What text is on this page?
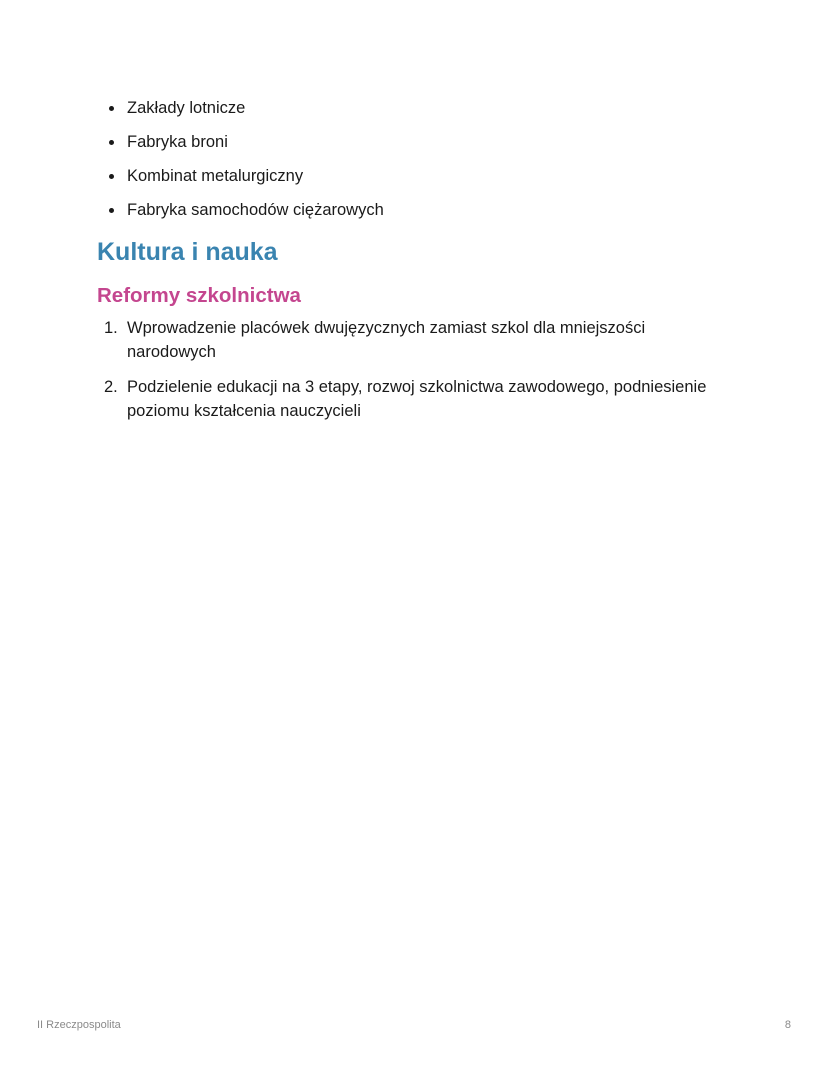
Zakłady lotnicze
Fabryka broni
Kombinat metalurgiczny
Fabryka samochodów ciężarowych
Kultura i nauka
Reformy szkolnictwa
1. Wprowadzenie placówek dwujęzycznych zamiast szkol dla mniejszości narodowych
2. Podzielenie edukacji na 3 etapy, rozwoj szkolnictwa zawodowego, podniesienie poziomu kształcenia nauczycieli
II Rzeczpospolita	8
